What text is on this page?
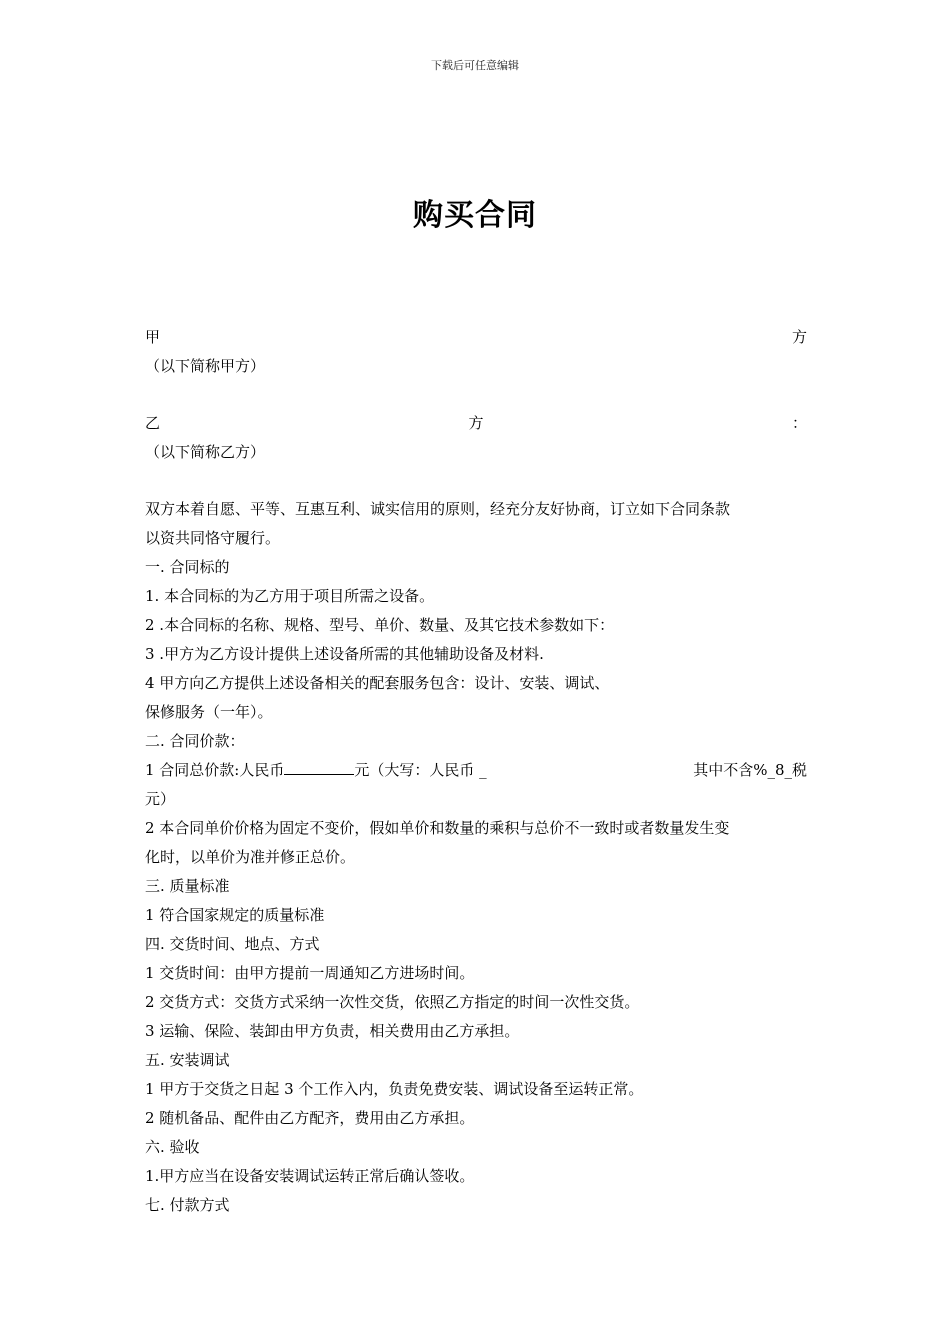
下载后可任意编辑
购买合同
甲	方
（以下简称甲方）
乙	方	：
（以下简称乙方）
双方本着自愿、平等、互惠互利、诚实信用的原则，经充分友好协商，订立如下合同条款
以资共同恪守履行。
一. 合同标的
1. 本合同标的为乙方用于项目所需之设备。
2 .本合同标的名称、规格、型号、单价、数量、及其它技术参数如下：
3 .甲方为乙方设计提供上述设备所需的其他辅助设备及材料.
4 甲方向乙方提供上述设备相关的配套服务包含：设计、安装、调试、
保修服务（一年）。
二. 合同价款：
1 合同总价款:人民币	元（大写：人民币 _	其中不含%_8_税
元）
2 本合同单价价格为固定不变价，假如单价和数量的乘积与总价不一致时或者数量发生变
化时，以单价为准并修正总价。
三. 质量标准
1 符合国家规定的质量标准
四. 交货时间、地点、方式
1 交货时间：由甲方提前一周通知乙方进场时间。
2 交货方式：交货方式采纳一次性交货，依照乙方指定的时间一次性交货。
3 运输、保险、装卸由甲方负责，相关费用由乙方承担。
五. 安装调试
1 甲方于交货之日起 3 个工作入内，负责免费安装、调试设备至运转正常。
2 随机备品、配件由乙方配齐，费用由乙方承担。
六. 验收
1.甲方应当在设备安装调试运转正常后确认签收。
七. 付款方式
